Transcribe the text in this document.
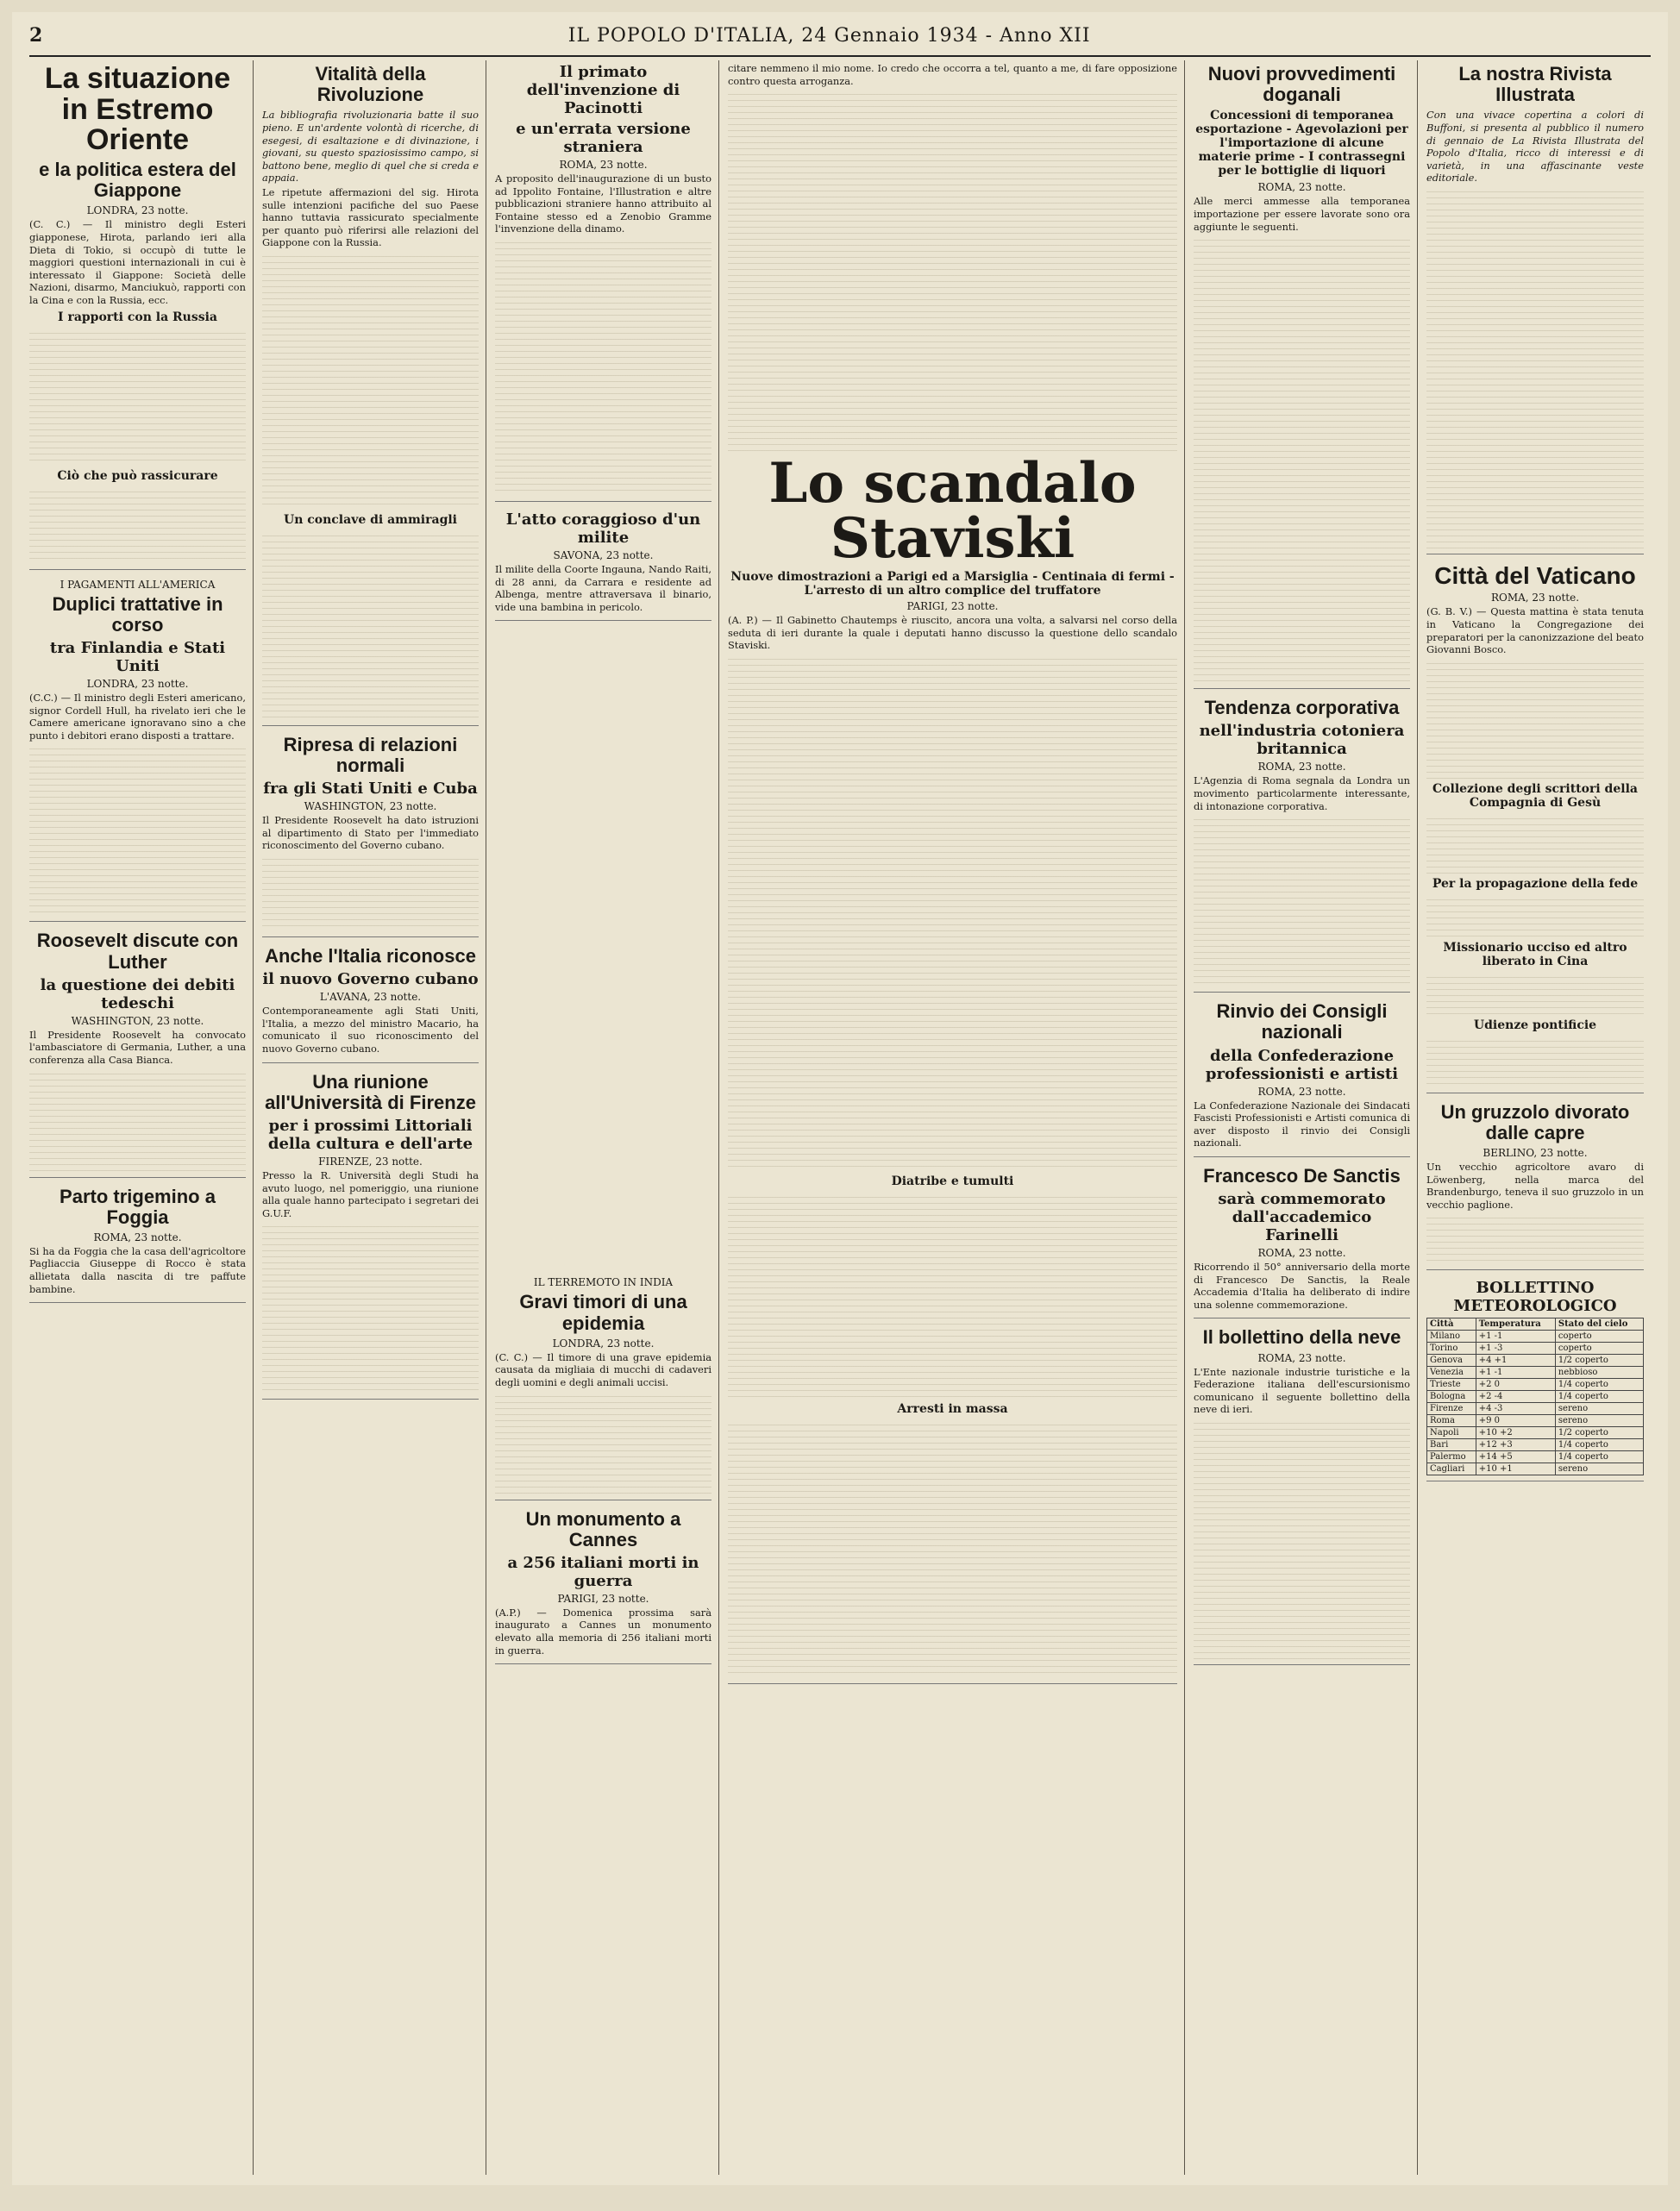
2	IL POPOLO D'ITALIA, 24 Gennaio 1934 - Anno XII
La situazione in Estremo Oriente
e la politica estera del Giappone
LONDRA, 23 notte.

(C. C.) — Il ministro degli Esteri giapponese, Hirota, parlando ieri alla Dieta di Tokio, si occupò di tutte le maggiori questioni internazionali in cui è interessato il Giappone: Società delle Nazioni, disarmo, Manciukuò, rapporti con la Cina e con la Russia, ecc.

I rapporti con la Russia
Ciò che può rassicurare
I PAGAMENTI ALL'AMERICA
Duplici trattative in corso
tra Finlandia e Stati Uniti
LONDRA, 23 notte.

(C.C.) — Il ministro degli Esteri americano, signor Cordell Hull, ha rivelato ieri che le Camere americane ignoravano sino a che punto i debitori erano disposti a trattare.

Roosevelt discute con Luther
la questione dei debiti tedeschi
WASHINGTON, 23 notte.

Il Presidente Roosevelt ha convocato l'ambasciatore di Germania, Luther, a una conferenza alla Casa Bianca.

Parto trigemino a Foggia
ROMA, 23 notte.

Si ha da Foggia che la casa dell'agricoltore Pagliaccia Giuseppe di Rocco è stata allietata dalla nascita di tre paffute bambine.

Vitalità della Rivoluzione

La bibliografia rivoluzionaria batte il suo pieno. E un'ardente volontà di ricerche, di esegesi, di esaltazione e di divinazione, i giovani, su questo spaziosissimo campo, si battono bene, meglio di quel che si creda e appaia.

Le ripetute affermazioni del sig. Hirota sulle intenzioni pacifiche del suo Paese hanno tuttavia rassicurato specialmente per quanto può riferirsi alle relazioni del Giappone con la Russia.

Un conclave di ammiragli
Ripresa di relazioni normali
fra gli Stati Uniti e Cuba
WASHINGTON, 23 notte.

Il Presidente Roosevelt ha dato istruzioni al dipartimento di Stato per l'immediato riconoscimento del Governo cubano.

Anche l'Italia riconosce
il nuovo Governo cubano
L'AVANA, 23 notte.

Contemporaneamente agli Stati Uniti, l'Italia, a mezzo del ministro Macario, ha comunicato il suo riconoscimento del nuovo Governo cubano.

Una riunione all'Università di Firenze
per i prossimi Littoriali della cultura e dell'arte
FIRENZE, 23 notte.

Presso la R. Università degli Studi ha avuto luogo, nel pomeriggio, una riunione alla quale hanno partecipato i segretari dei G.U.F.

Il primato dell'invenzione di Pacinotti
e un'errata versione straniera
ROMA, 23 notte.

A proposito dell'inaugurazione di un busto ad Ippolito Fontaine, l'Illustration e altre pubblicazioni straniere hanno attribuito al Fontaine stesso ed a Zenobio Gramme l'invenzione della dinamo.

L'atto coraggioso d'un milite
SAVONA, 23 notte.

Il milite della Coorte Ingauna, Nando Raiti, di 28 anni, da Carrara e residente ad Albenga, mentre attraversava il binario, vide una bambina in pericolo.

IL TERREMOTO IN INDIA
Gravi timori di una epidemia
LONDRA, 23 notte.

(C. C.) — Il timore di una grave epidemia causata da migliaia di mucchi di cadaveri degli uomini e degli animali uccisi.

Un monumento a Cannes
a 256 italiani morti in guerra
PARIGI, 23 notte.

(A.P.) — Domenica prossima sarà inaugurato a Cannes un monumento elevato alla memoria di 256 italiani morti in guerra.

citare nemmeno il mio nome. Io credo che occorra a tel, quanto a me, di fare opposizione contro questa arroganza.

Lo scandalo Staviski
Nuove dimostrazioni a Parigi ed a Marsiglia - Centinaia di fermi - L'arresto di un altro complice del truffatore
PARIGI, 23 notte.

(A. P.) — Il Gabinetto Chautemps è riuscito, ancora una volta, a salvarsi nel corso della seduta di ieri durante la quale i deputati hanno discusso la questione dello scandalo Staviski.

Diatribe e tumulti
Arresti in massa
Nuovi provvedimenti doganali
Concessioni di temporanea esportazione - Agevolazioni per l'importazione di alcune materie prime - I contrassegni per le bottiglie di liquori
ROMA, 23 notte.

Alle merci ammesse alla temporanea importazione per essere lavorate sono ora aggiunte le seguenti.

Tendenza corporativa
nell'industria cotoniera britannica
ROMA, 23 notte.

L'Agenzia di Roma segnala da Londra un movimento particolarmente interessante, di intonazione corporativa.

Rinvio dei Consigli nazionali
della Confederazione professionisti e artisti
ROMA, 23 notte.

La Confederazione Nazionale dei Sindacati Fascisti Professionisti e Artisti comunica di aver disposto il rinvio dei Consigli nazionali.

Francesco De Sanctis
sarà commemorato dall'accademico Farinelli
ROMA, 23 notte.

Ricorrendo il 50° anniversario della morte di Francesco De Sanctis, la Reale Accademia d'Italia ha deliberato di indire una solenne commemorazione.

Il bollettino della neve
ROMA, 23 notte.

L'Ente nazionale industrie turistiche e la Federazione italiana dell'escursionismo comunicano il seguente bollettino della neve di ieri.

La nostra Rivista Illustrata

Con una vivace copertina a colori di Buffoni, si presenta al pubblico il numero di gennaio de La Rivista Illustrata del Popolo d'Italia, ricco di interessi e di varietà, in una affascinante veste editoriale.

Città del Vaticano
ROMA, 23 notte.

(G. B. V.) — Questa mattina è stata tenuta in Vaticano la Congregazione dei preparatori per la canonizzazione del beato Giovanni Bosco.

Collezione degli scrittori della Compagnia di Gesù
Per la propagazione della fede
Missionario ucciso ed altro liberato in Cina
Udienze pontificie
Un gruzzolo divorato dalle capre
BERLINO, 23 notte.

Un vecchio agricoltore avaro di Löwenberg, nella marca del Brandenburgo, teneva il suo gruzzolo in un vecchio paglione.

BOLLETTINO METEOROLOGICO
Città	Temperatura	Stato del cielo
Milano	+1 -1	coperto
Torino	+1 -3	coperto
Genova	+4 +1	1/2 coperto
Venezia	+1 -1	nebbioso
Trieste	+2 0	1/4 coperto
Bologna	+2 -4	1/4 coperto
Firenze	+4 -3	sereno
Roma	+9 0	sereno
Napoli	+10 +2	1/2 coperto
Bari	+12 +3	1/4 coperto
Palermo	+14 +5	1/4 coperto
Cagliari	+10 +1	sereno
